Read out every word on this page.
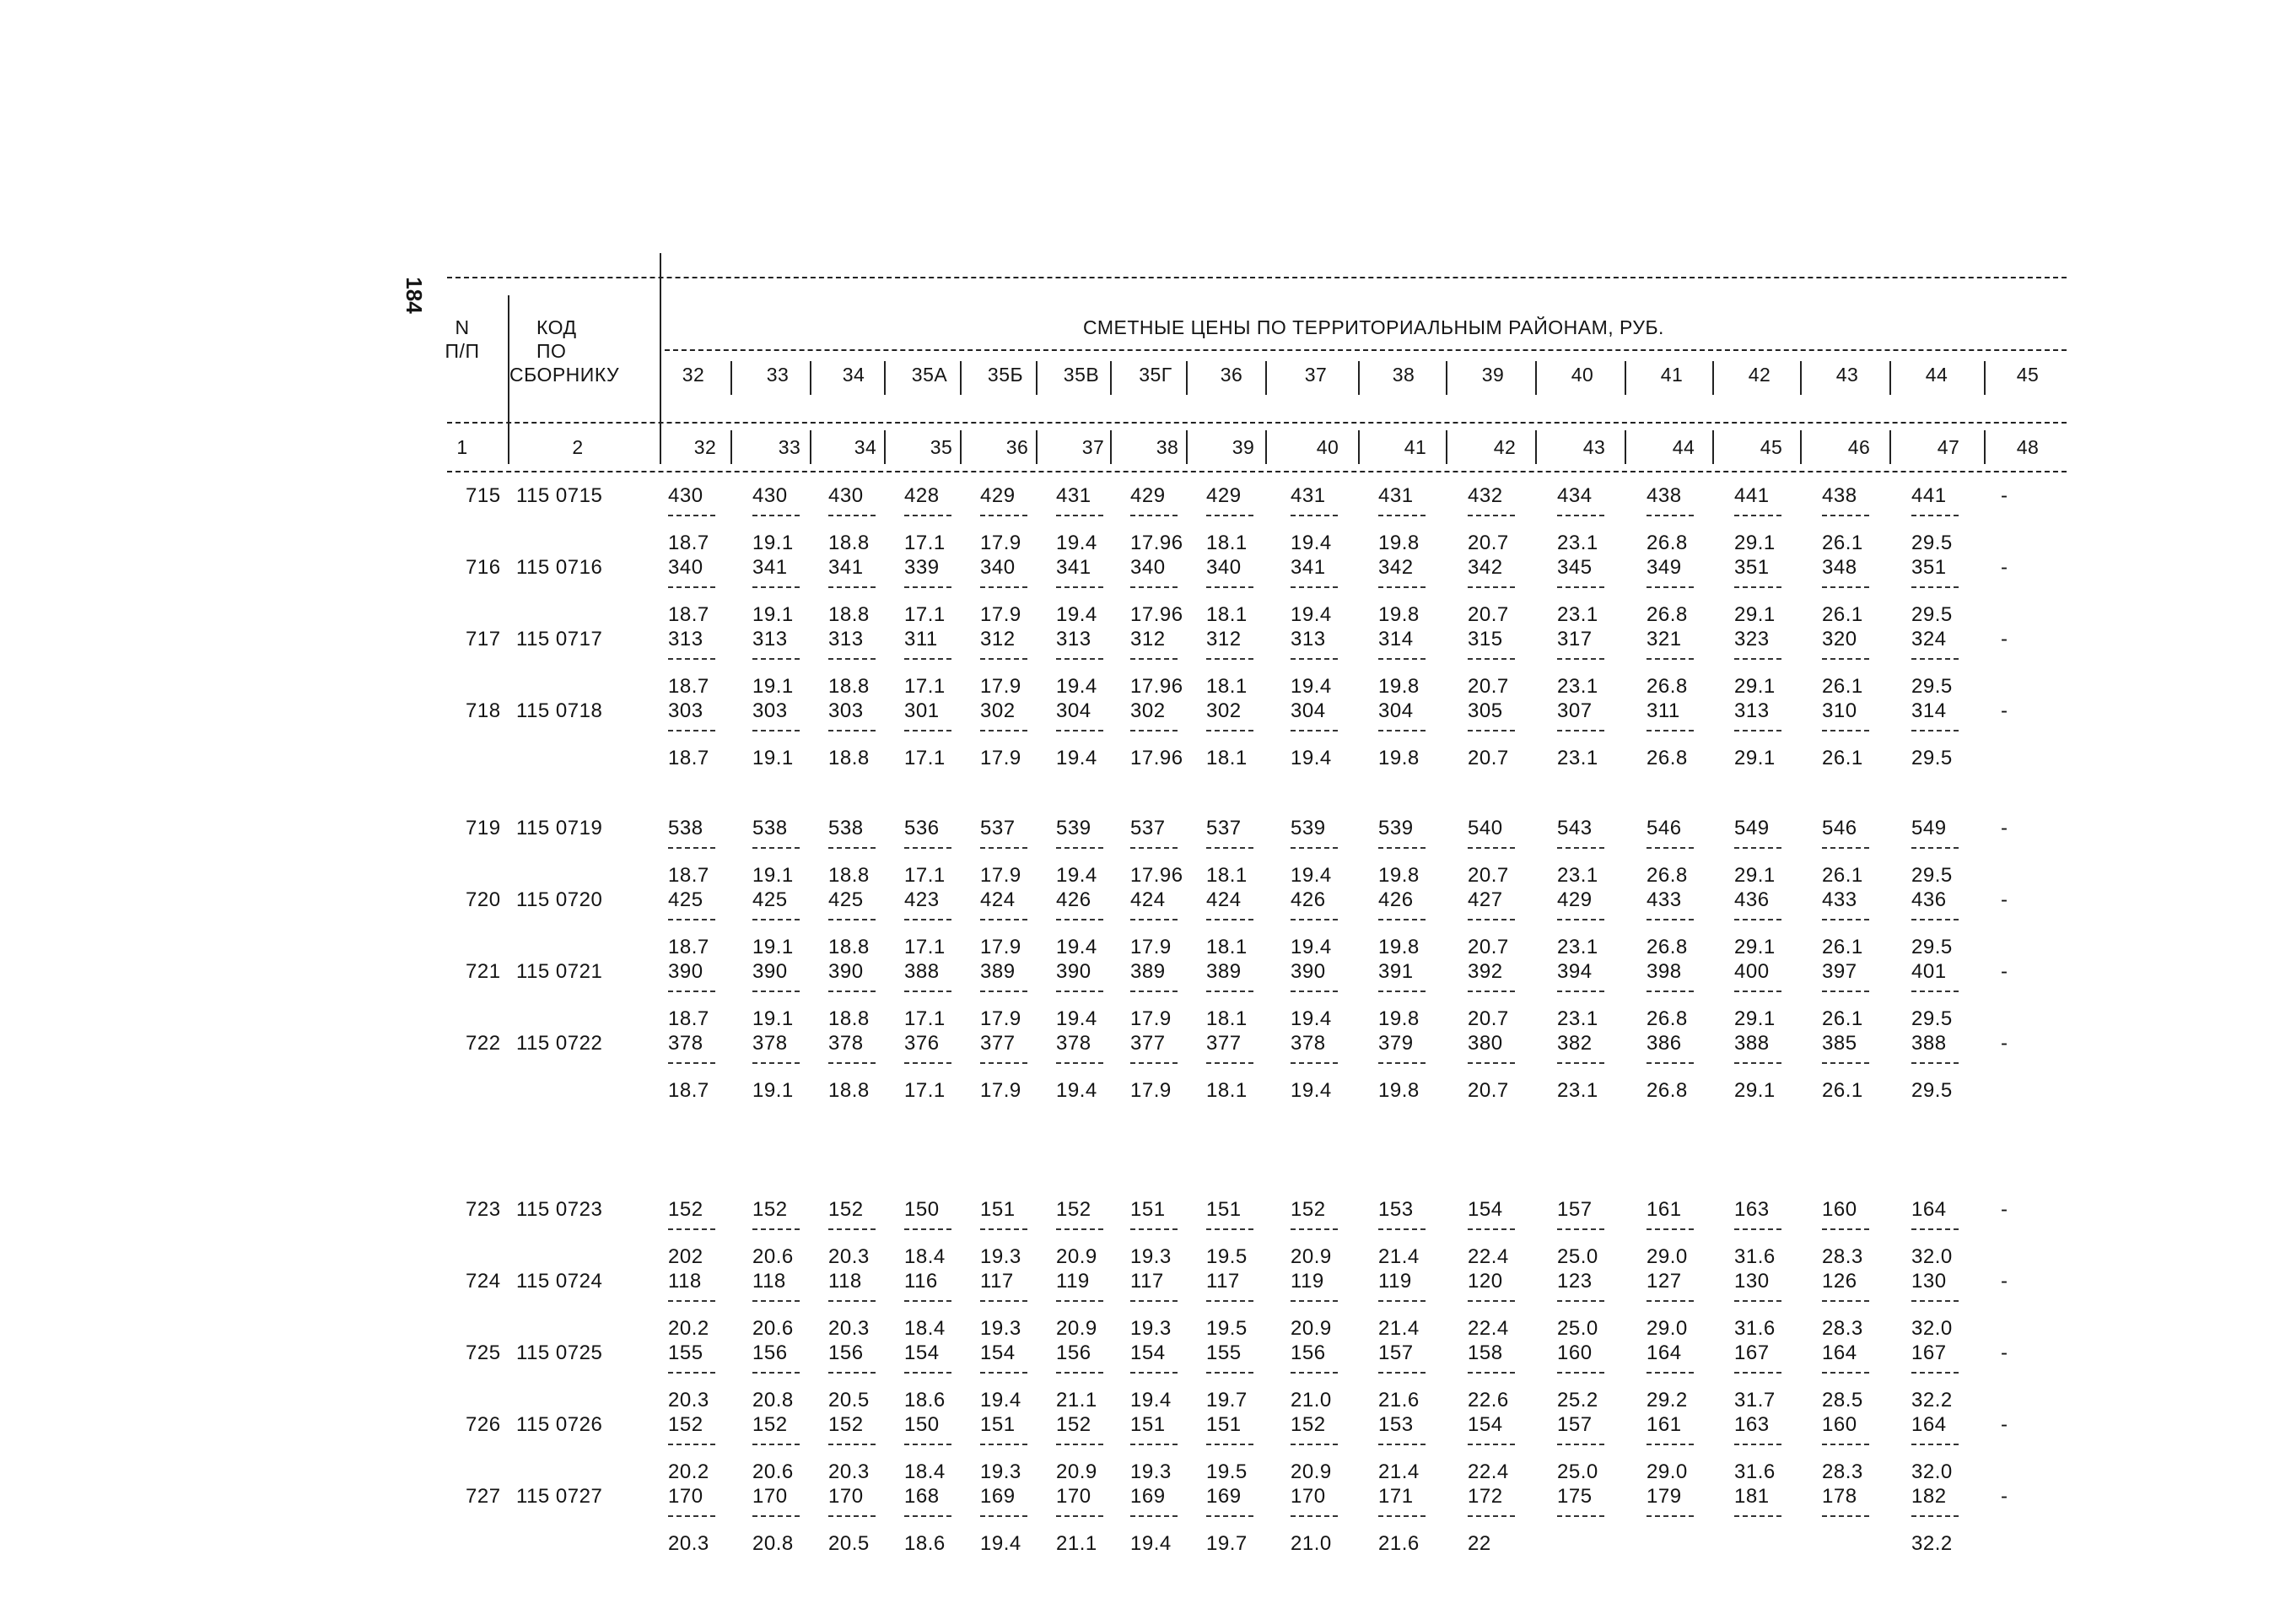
184
N
П/П
КОД
ПО
СБОРНИКУ
СМЕТНЫЕ ЦЕНЫ ПО ТЕРРИТОРИАЛЬНЫМ РАЙОНАМ, РУБ.
32	33	34 35А 35Б 35В 35Г 36	37	38	39	40	41	42	43	44	45
1	2	32	33	34	35	36	37	38	39	40	41	42	43	44	45	46	47	48
715 115 0715	430 430 430 428 429 431 429 429 431	431	432	434	438	441	438	441	-
18.7 19.1 18.8 17.1 17.9 19.4 17.96 18.1 19.4 19.8 20.7 23.1 26.8 29.1 26.1 29.5
716 115 0716	340 341 341 339 340 341 340 340 341	342	342	345	349	351	348	351	-
18.7 19.1 18.8 17.1 17.9 19.4 17.96 18.1 19.4 19.8 20.7 23.1 26.8 29.1 26.1 29.5
717 115 0717	313 313 313 311 312 313 312 312 313	314	315	317	321	323	320	324	-
18.7 19.1 18.8 17.1 17.9 19.4 17.96 18.1 19.4 19.8 20.7 23.1 26.8 29.1 26.1 29.5
718 115 0718	303 303 303 301 302 304 302 302 304	304	305	307	311	313	310	314	-
18.7 19.1 18.8 17.1 17.9 19.4 17.96 18.1 19.4 19.8 20.7 23.1 26.8 29.1 26.1 29.5
719 115 0719	538 538 538 536 537 539 537 537 539	539	540	543	546	549	546	549	-
18.7 19.1 18.8 17.1 17.9 19.4 17.96 18.1 19.4 19.8 20.7 23.1 26.8 29.1 26.1 29.5
720 115 0720	425 425 425 423 424 426 424 424 426	426	427	429	433	436	433	436	-
18.7 19.1 18.8 17.1 17.9 19.4 17.9 18.1 19.4 19.8 20.7 23.1 26.8 29.1 26.1 29.5
721 115 0721	390 390 390 388 389 390 389 389 390	391	392	394	398	400	397	401	-
18.7 19.1 18.8 17.1 17.9 19.4 17.9 18.1 19.4 19.8 20.7 23.1 26.8 29.1 26.1 29.5
722 115 0722	378 378 378 376 377 378 377 377 378	379	380	382	386	388	385	388	-
18.7 19.1 18.8 17.1 17.9 19.4 17.9 18.1 19.4 19.8 20.7 23.1 26.8 29.1 26.1 29.5
723 115 0723	152 152 152 150 151 152 151 151 152	153	154	157	161	163	160	164	-
202 20.6 20.3 18.4 19.3 20.9 19.3 19.5 20.9 21.4 22.4 25.0 29.0 31.6 28.3 32.0
724 115 0724	118	118 118 116 117 119 117 117	119	119	120	123	127	130	126	130	-
20.2 20.6 20.3 18.4 19.3 20.9 19.3 19.5 20.9 21.4 22.4 25.0 29.0 31.6 28.3 32.0
725 115 0725	155 156 156 154 154 156 154 155 156	157	158	160	164	167	164	167	-
20.3 20.8 20.5 18.6 19.4 21.1 19.4 19.7 21.0 21.6 22.6 25.2 29.2 31.7 28.5 32.2
726 115 0726	152 152 152 150 151 152 151 151 152	153	154	157	161	163	160	164	-
20.2 20.6 20.3 18.4 19.3 20.9 19.3 19.5 20.9 21.4 22.4 25.0 29.0 31.6 28.3 32.0
727 115 0727	170 170 170 168 169 170 169 169 170	171	172	175	179	181	178	182	-
20.3 20.8 20.5 18.6 19.4 21.1 19.4 19.7 21.0 21.6 22	32.2
